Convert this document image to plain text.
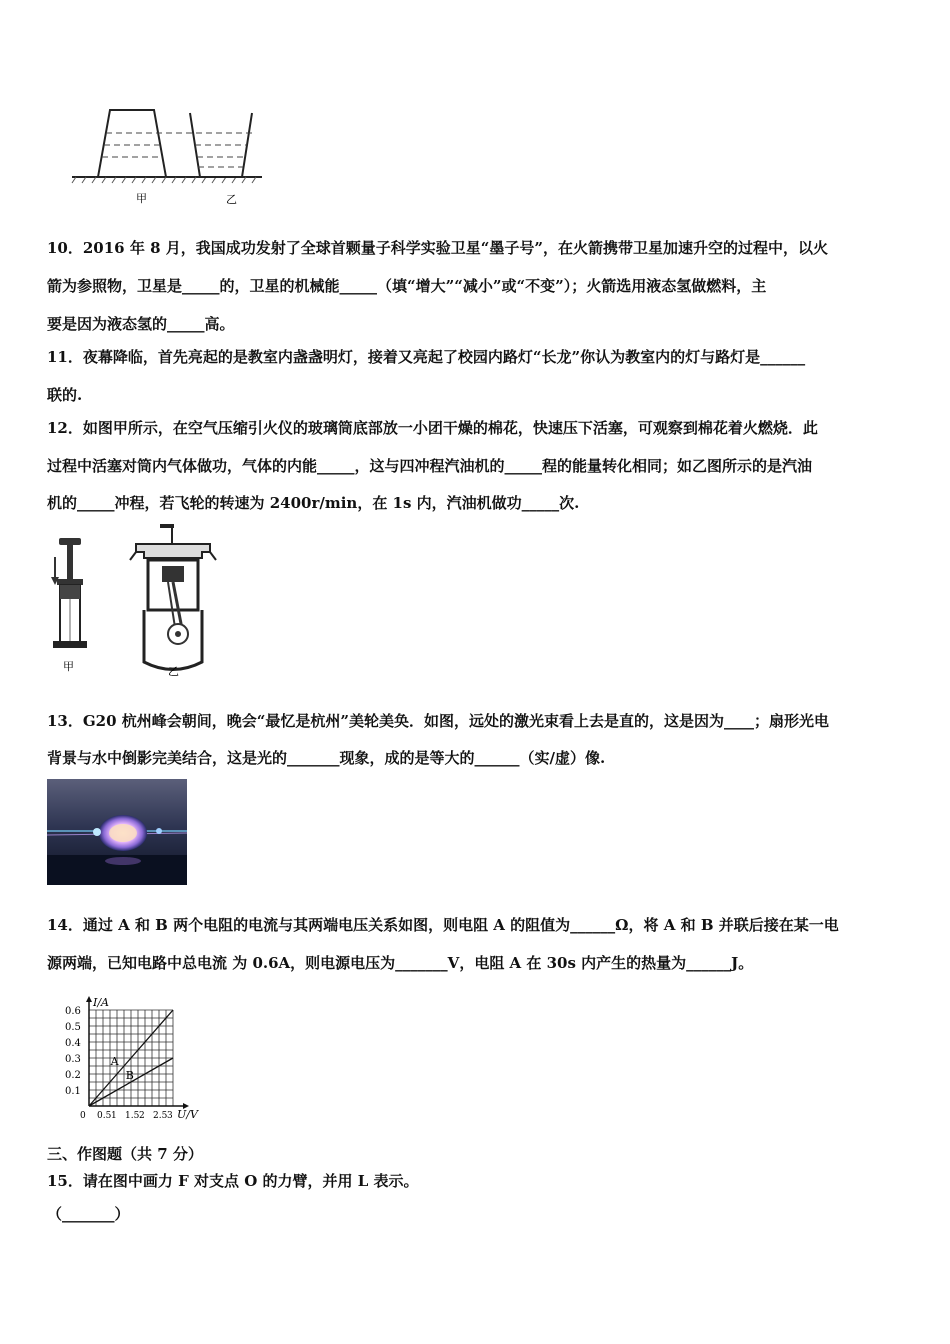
甲	乙
10．2016 年 8 月，我国成功发射了全球首颗量子科学实验卫星“墨子号”，在火箭携带卫星加速升空的过程中，以火
箭为参照物，卫星是_____的，卫星的机械能_____（填“增大”“减小”或“不变”）；火箭选用液态氢做燃料，主
要是因为液态氢的_____高。
11．夜幕降临，首先亮起的是教室内盏盏明灯，接着又亮起了校园内路灯“长龙”你认为教室内的灯与路灯是______
联的.
12．如图甲所示，在空气压缩引火仪的玻璃筒底部放一小团干燥的棉花，快速压下活塞，可观察到棉花着火燃烧．此
过程中活塞对筒内气体做功，气体的内能_____，这与四冲程汽油机的_____程的能量转化相同；如乙图所示的是汽油
机的_____冲程，若飞轮的转速为 2400r/min，在 1s 内，汽油机做功_____次.
甲	乙
13．G20 杭州峰会朝间，晚会“最忆是杭州”美轮美奂．如图，远处的激光束看上去是直的，这是因为____；扇形光电
背景与水中倒影完美结合，这是光的_______现象，成的是等大的______（实/虚）像.
14．通过 A 和 B 两个电阻的电流与其两端电压关系如图，则电阻 A 的阻值为______Ω，将 A 和 B 并联后接在某一电
源两端，已知电路中总电流 为 0.6A，则电源电压为_______V，电阻 A 在 30s 内产生的热量为______J。
0.1
0.2
0.3
0.4
0.5
0.6
0 0.5 1 1.5 2 2.5 3
I/A
U/V
A
B
三、作图题（共 7 分）
15．请在图中画力 F 对支点 O 的力臂，并用 L 表示。
（_______）
